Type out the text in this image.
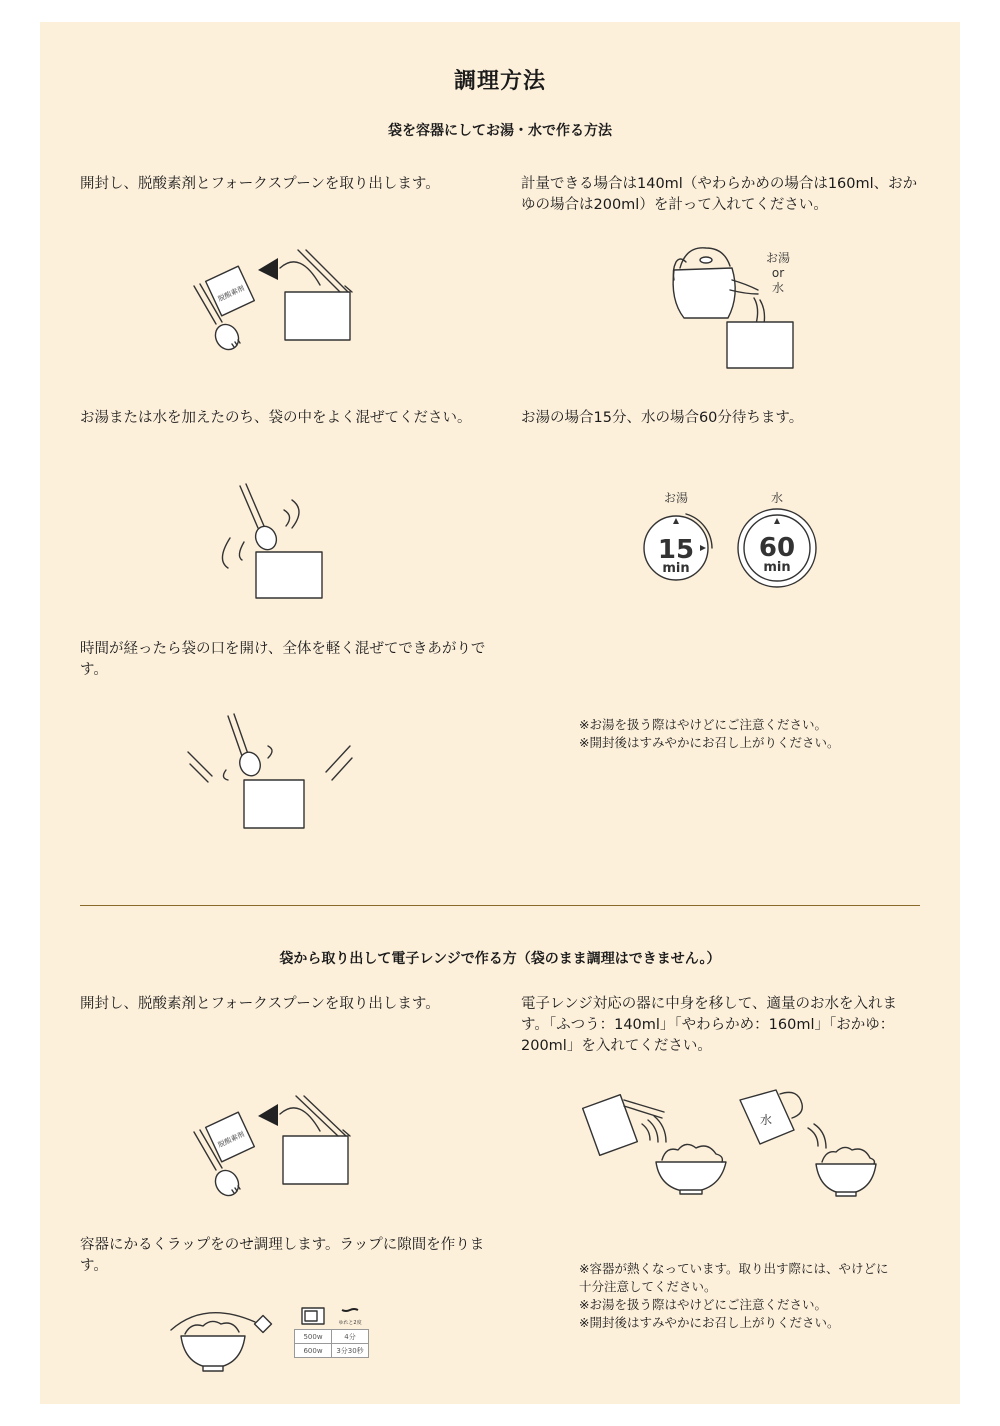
調理方法
袋を容器にしてお湯・水で作る方法
開封し、脱酸素剤とフォークスプーンを取り出します。	計量できる場合は140ml（やわらかめの場合は160ml、おかゆの場合は200ml）を計って入れてください。
お湯または水を加えたのち、袋の中をよく混ぜてください。	お湯の場合15分、水の場合60分待ちます。
時間が経ったら袋の口を開け、全体を軽く混ぜてできあがりです。
※お湯を扱う際はやけどにご注意ください。
※開封後はすみやかにお召し上がりください。
脱酸素剤
お湯
or
水
お湯	水
15
min
60
min
袋から取り出して電子レンジで作る方（袋のまま調理はできません。）
開封し、脱酸素剤とフォークスプーンを取り出します。	電子レンジ対応の器に中身を移して、適量のお水を入れます。「ふつう：140ml」「やわらかめ：160ml」「おかゆ：200ml」を入れてください。
容器にかるくラップをのせ調理します。ラップに隙間を作ります。	※容器が熱くなっています。取り出す際には、やけどに十分注意してください。
※お湯を扱う際はやけどにご注意ください。
※開封後はすみやかにお召し上がりください。
脱酸素剤
水
ゆれと2度
500w	4分
600w	3分30秒
